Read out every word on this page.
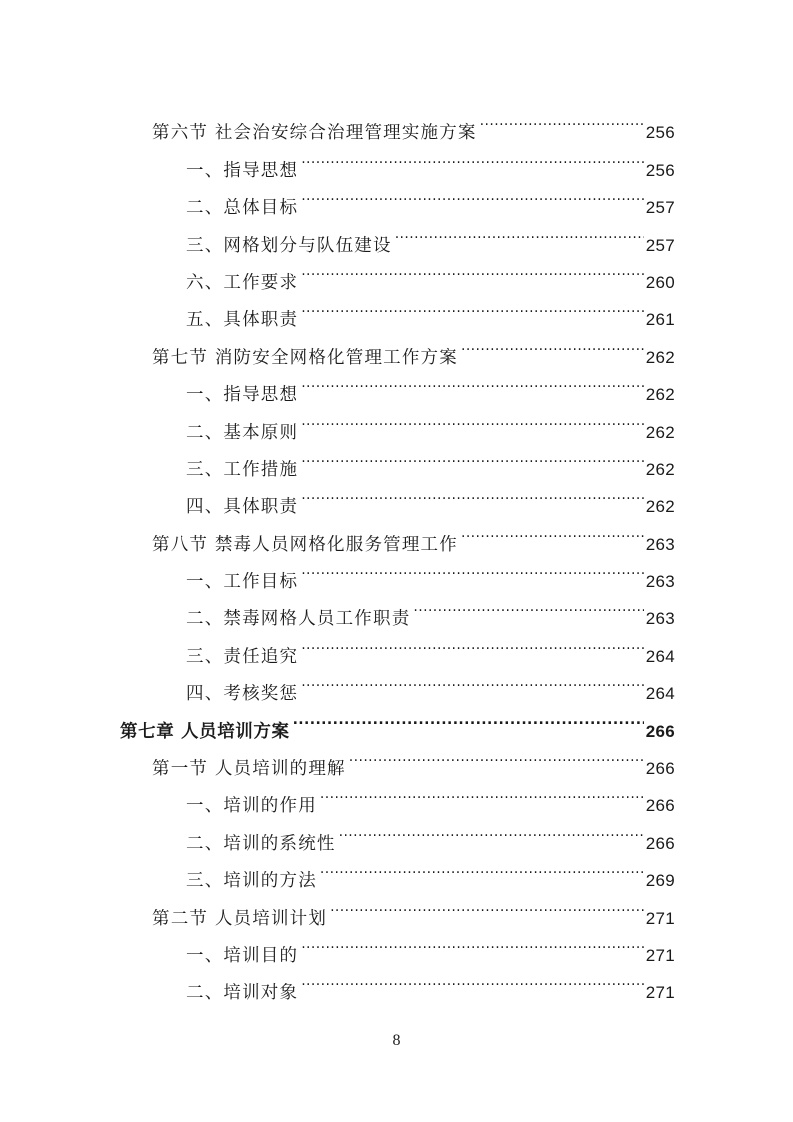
第六节 社会治安综合治理管理实施方案 .....	256
一、指导思想 .....	256
二、总体目标 .....	257
三、网格划分与队伍建设 .....	257
六、工作要求 .....	260
五、具体职责 .....	261
第七节 消防安全网格化管理工作方案 .....	262
一、指导思想 .....	262
二、基本原则 .....	262
三、工作措施 .....	262
四、具体职责 .....	262
第八节 禁毒人员网格化服务管理工作 .....	263
一、工作目标 .....	263
二、禁毒网格人员工作职责 .....	263
三、责任追究 .....	264
四、考核奖惩 .....	264
第七章 人员培训方案 .....	266
第一节 人员培训的理解 .....	266
一、培训的作用 .....	266
二、培训的系统性 .....	266
三、培训的方法 .....	269
第二节 人员培训计划 .....	271
一、培训目的 .....	271
二、培训对象 .....	271
8
